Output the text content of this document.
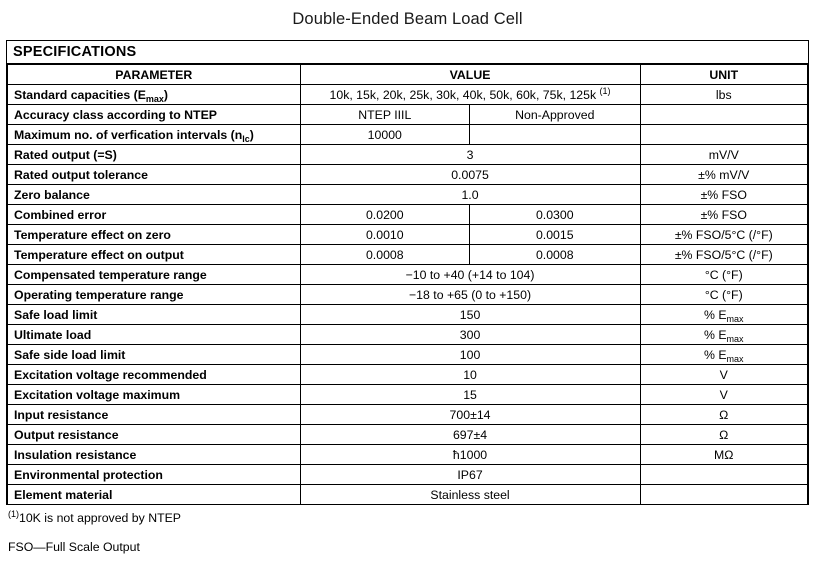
Double-Ended Beam Load Cell
SPECIFICATIONS
PARAMETER	VALUE		UNIT
Standard capacities $(E_{max})$	10k, 15k, 20k, 25k, 30k, 40k, 50k, 60k, 75k, 125k $^{(1)}$		lbs
Accuracy class according to NTEP	NTEP IIIL	Non-Approved	
Maximum no. of verfication intervals $(n_{lc})$	10000		
Rated output (=S)	3		mV/V
Rated output tolerance	0.0075		±% mV/V
Zero balance	1.0		±% FSO
Combined error	0.0200	0.0300	±% FSO
Temperature effect on zero	0.0010	0.0015	±% FSO/5°C (/°F)
Temperature effect on output	0.0008	0.0008	±% FSO/5°C (/°F)
Compensated temperature range	−10 to +40 (+14 to 104)		°C (°F)
Operating temperature range	−18 to +65 (0 to +150)		°C (°F)
Safe load limit	150		% $E_{max}$
Ultimate load	300		% $E_{max}$
Safe side load limit	100		% $E_{max}$
Excitation voltage recommended	10		V
Excitation voltage maximum	15		V
Input resistance	700±14		Ω
Output resistance	697±4		Ω
Insulation resistance	ħ1000		MΩ
Environmental protection	IP67		
Element material	Stainless steel		
$^{(1)}$10K is not approved by NTEP
FSO—Full Scale Output
